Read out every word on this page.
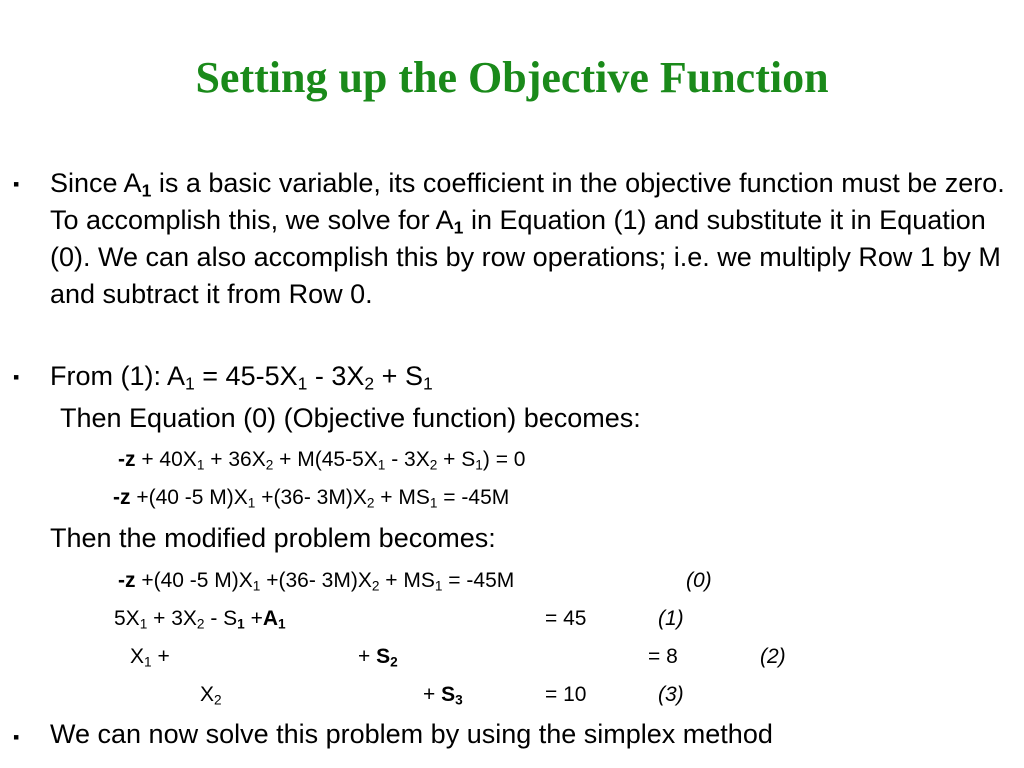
Setting up the Objective Function
▪ Since $A_1$ is a basic variable, its coefficient in the objective function must be zero. To accomplish this, we solve for $A_1$ in Equation (1) and substitute it in Equation (0). We can also accomplish this by row operations; i.e. we multiply Row 1 by M and subtract it from Row 0.

▪ From (1): $A_1 = 45-5X_1 - 3X_2 + S_1$
Then Equation (0) (Objective function) becomes:
$-z + 40X_1 + 36X_2 + M(45-5X_1 - 3X_2 + S_1) = 0$
-z +(40 -5 $M)X_1 +(36-$ $3M)X_2 + MS_1 = -45M$
Then the modified problem becomes:
-z +(40 -5 $M)X_1 +(36-$ $3M)X_2 + MS_1 = -45M$	(0)
$5X_1 + 3X_2 - S_1 +A_1$	= 45	(1)
$X_1$ +	+ $S_2$	= 8	(2)
$X_2$	+ $S_3$	= 10	(3)
▪ We can now solve this problem by using the simplex method
